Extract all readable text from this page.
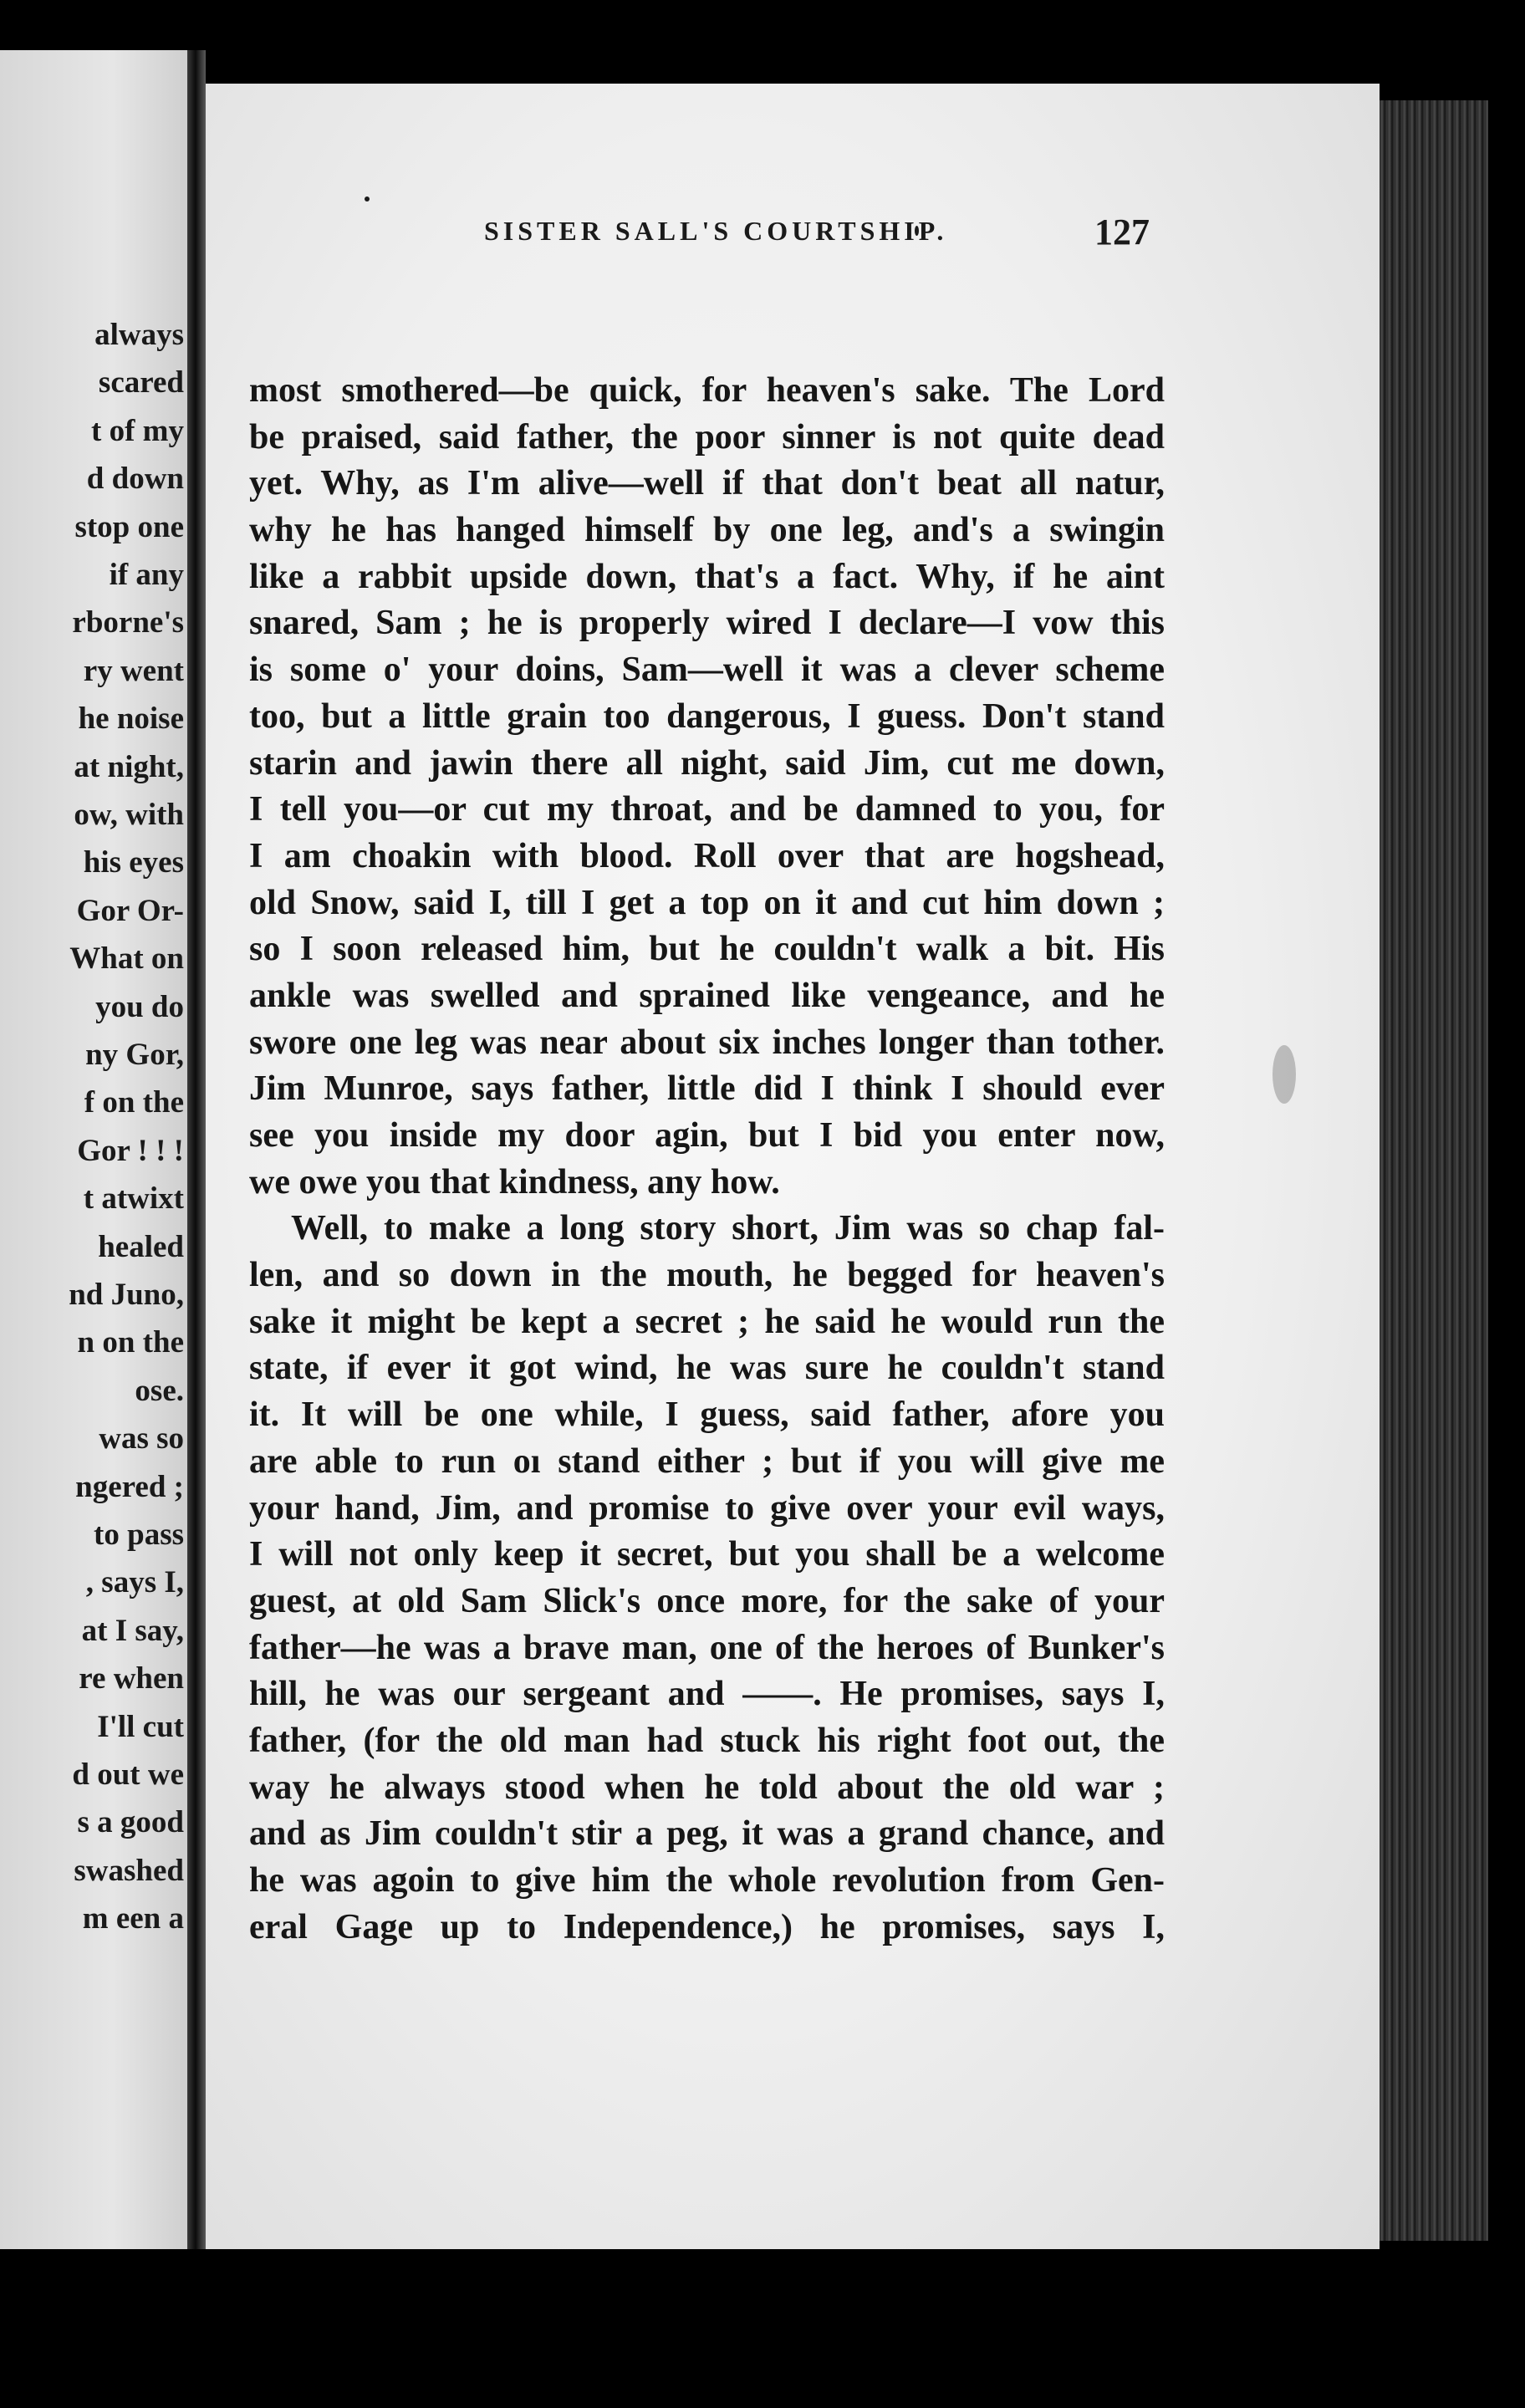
always
scared
t of my
d down
stop one
if any
rborne's
ry went
he noise
at night,
ow, with
his eyes
Gor Or-
What on
you do
ny Gor,
f on the
Gor ! ! !
t atwixt
healed
nd Juno,
n on the
ose.
was so
ngered ;
to pass
, says I,
at I say,
re when
I'll cut
d out we
s a good
swashed
m een a
SISTER SALL'S COURTSHIP.	127
most smothered—be quick, for heaven's sake. The Lord
be praised, said father, the poor sinner is not quite dead
yet. Why, as I'm alive—well if that don't beat all natur,
why he has hanged himself by one leg, and's a swingin
like a rabbit upside down, that's a fact. Why, if he aint
snared, Sam ; he is properly wired I declare—I vow this
is some o' your doins, Sam—well it was a clever scheme
too, but a little grain too dangerous, I guess. Don't stand
starin and jawin there all night, said Jim, cut me down,
I tell you—or cut my throat, and be damned to you, for
I am choakin with blood. Roll over that are hogshead,
old Snow, said I, till I get a top on it and cut him down ;
so I soon released him, but he couldn't walk a bit. His
ankle was swelled and sprained like vengeance, and he
swore one leg was near about six inches longer than tother.
Jim Munroe, says father, little did I think I should ever
see you inside my door agin, but I bid you enter now,
we owe you that kindness, any how.
Well, to make a long story short, Jim was so chap fal-
len, and so down in the mouth, he begged for heaven's
sake it might be kept a secret ; he said he would run the
state, if ever it got wind, he was sure he couldn't stand
it. It will be one while, I guess, said father, afore you
are able to run oı stand either ; but if you will give me
your hand, Jim, and promise to give over your evil ways,
I will not only keep it secret, but you shall be a welcome
guest, at old Sam Slick's once more, for the sake of your
father—he was a brave man, one of the heroes of Bunker's
hill, he was our sergeant and ——. He promises, says I,
father, (for the old man had stuck his right foot out, the
way he always stood when he told about the old war ;
and as Jim couldn't stir a peg, it was a grand chance, and
he was agoin to give him the whole revolution from Gen-
eral Gage up to Independence,) he promises, says I,
